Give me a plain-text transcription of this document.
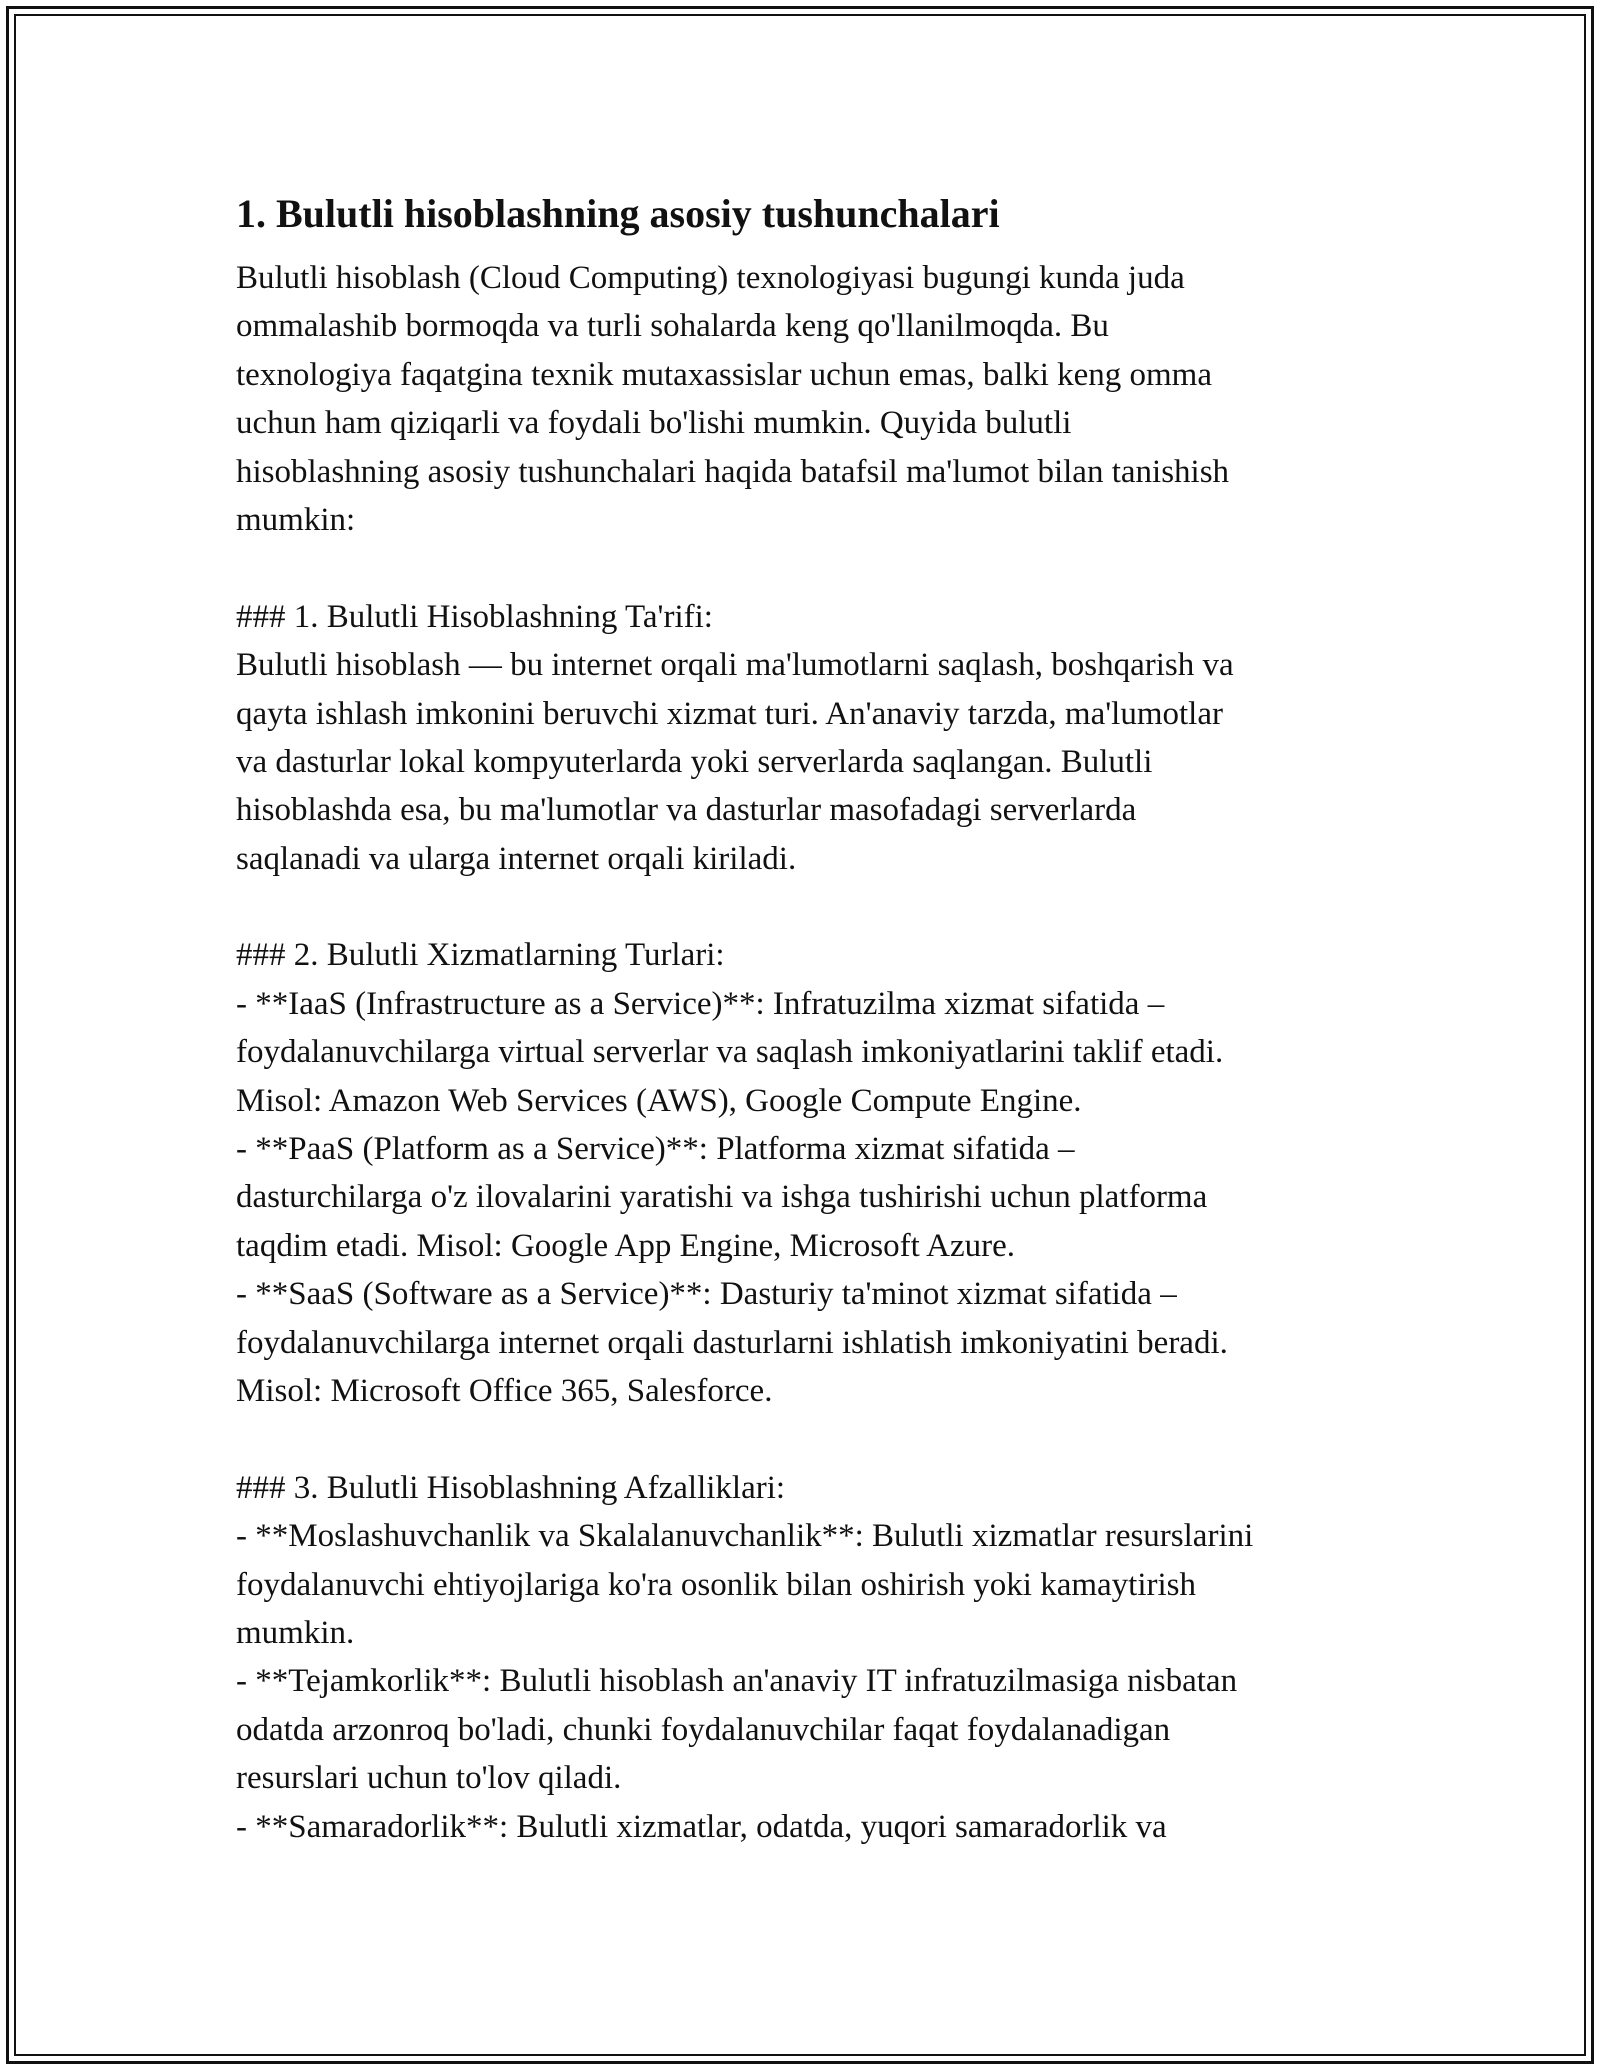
1. Bulutli hisoblashning asosiy tushunchalari
Bulutli hisoblash (Cloud Computing) texnologiyasi bugungi kunda juda
ommalashib bormoqda va turli sohalarda keng qo'llanilmoqda. Bu
texnologiya faqatgina texnik mutaxassislar uchun emas, balki keng omma
uchun ham qiziqarli va foydali bo'lishi mumkin. Quyida bulutli
hisoblashning asosiy tushunchalari haqida batafsil ma'lumot bilan tanishish
mumkin:
### 1. Bulutli Hisoblashning Ta'rifi:
Bulutli hisoblash — bu internet orqali ma'lumotlarni saqlash, boshqarish va
qayta ishlash imkonini beruvchi xizmat turi. An'anaviy tarzda, ma'lumotlar
va dasturlar lokal kompyuterlarda yoki serverlarda saqlangan. Bulutli
hisoblashda esa, bu ma'lumotlar va dasturlar masofadagi serverlarda
saqlanadi va ularga internet orqali kiriladi.
### 2. Bulutli Xizmatlarning Turlari:
- **IaaS (Infrastructure as a Service)**: Infratuzilma xizmat sifatida –
foydalanuvchilarga virtual serverlar va saqlash imkoniyatlarini taklif etadi.
Misol: Amazon Web Services (AWS), Google Compute Engine.
- **PaaS (Platform as a Service)**: Platforma xizmat sifatida –
dasturchilarga o'z ilovalarini yaratishi va ishga tushirishi uchun platforma
taqdim etadi. Misol: Google App Engine, Microsoft Azure.
- **SaaS (Software as a Service)**: Dasturiy ta'minot xizmat sifatida –
foydalanuvchilarga internet orqali dasturlarni ishlatish imkoniyatini beradi.
Misol: Microsoft Office 365, Salesforce.
### 3. Bulutli Hisoblashning Afzalliklari:
- **Moslashuvchanlik va Skalalanuvchanlik**: Bulutli xizmatlar resurslarini
foydalanuvchi ehtiyojlariga ko'ra osonlik bilan oshirish yoki kamaytirish
mumkin.
- **Tejamkorlik**: Bulutli hisoblash an'anaviy IT infratuzilmasiga nisbatan
odatda arzonroq bo'ladi, chunki foydalanuvchilar faqat foydalanadigan
resurslari uchun to'lov qiladi.
- **Samaradorlik**: Bulutli xizmatlar, odatda, yuqori samaradorlik va
